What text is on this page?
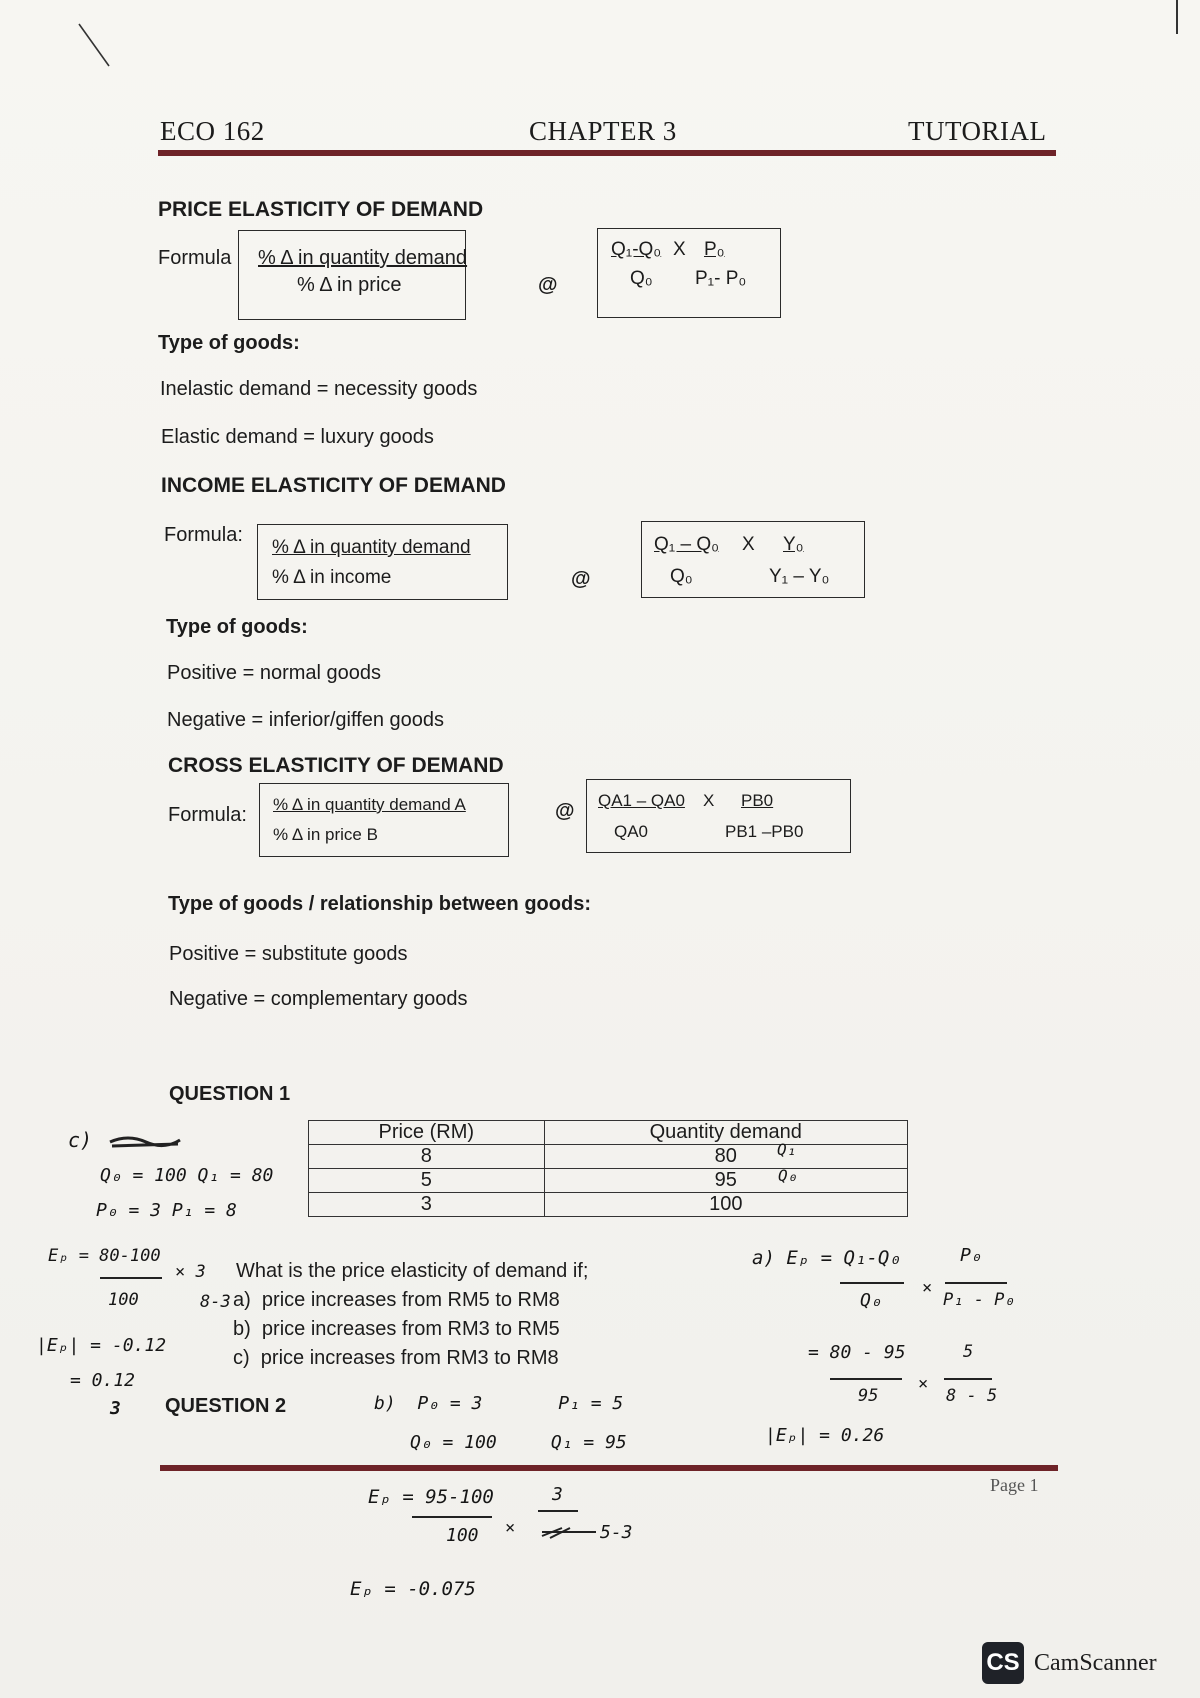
ECO 162	CHAPTER 3	TUTORIAL
PRICE ELASTICITY OF DEMAND
Formula % Δ in quantity demand
% Δ in price	@
Q₁-Q₀ X P₀
Q₀ P₁- P₀
Type of goods:
Inelastic demand = necessity goods
Elastic demand = luxury goods
INCOME ELASTICITY OF DEMAND
Formula:
% Δ in quantity demand
% Δ in income	@
Q₁ – Q₀ X Y₀
Q₀	Y₁ – Y₀
Type of goods:
Positive = normal goods
Negative = inferior/giffen goods
CROSS ELASTICITY OF DEMAND
Formula: % Δ in quantity demand A
% Δ in price B
@ QA1 – QA0 X PB0
QA0	PB1 –PB0
Type of goods / relationship between goods:
Positive = substitute goods
Negative = complementary goods
QUESTION 1
Price (RM)	Quantity demand
8	80
5	95
3	100
What is the price elasticity of demand if;
a) price increases from RM5 to RM8
b) price increases from RM3 to RM5
c) price increases from RM3 to RM8
QUESTION 2
c)
Q₀ = 100 Q₁ = 80
P₀ = 3 P₁ = 8
Eₚ = 80-100
100
× 3
8-3
|Eₚ| = -0.12
= 0.12
3
Q₁
Q₀
a) Eₚ = Q₁-Q₀	P₀
Q₀
×
P₁ - P₀
= 80 - 95	5
95
×
8 - 5
|Eₚ| = 0.26
b)  P₀ = 3       P₁ = 5
Q₀ = 100     Q₁ = 95
Page 1
Eₚ = 95-100	3
100 ×	5-3
Eₚ = -0.075
CS CamScanner
